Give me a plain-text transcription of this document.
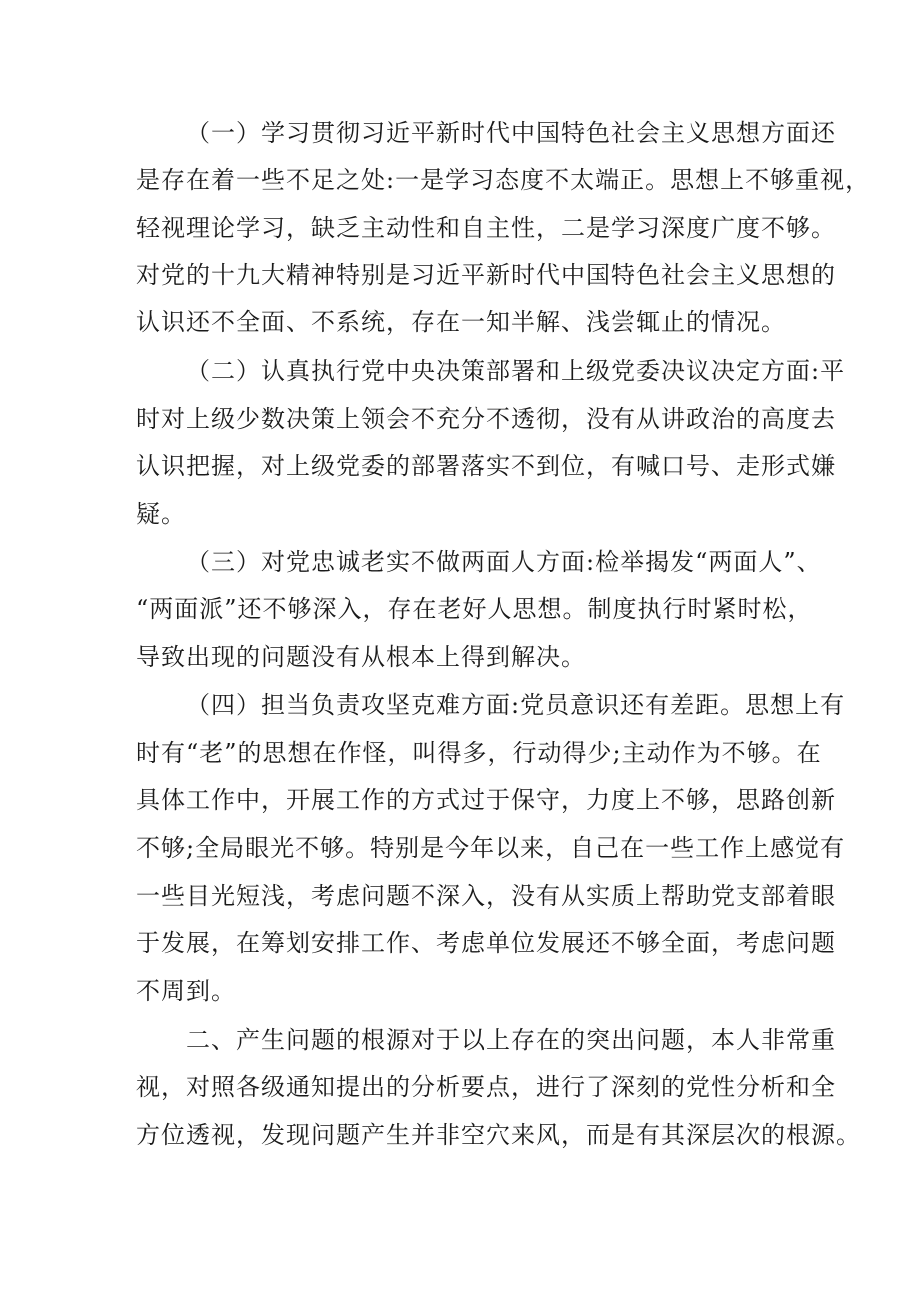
（一）学习贯彻习近平新时代中国特色社会主义思想方面还
是存在着一些不足之处:一是学习态度不太端正。思想上不够重视，
轻视理论学习，缺乏主动性和自主性，二是学习深度广度不够。
对党的十九大精神特别是习近平新时代中国特色社会主义思想的
认识还不全面、不系统，存在一知半解、浅尝辄止的情况。
（二）认真执行党中央决策部署和上级党委决议决定方面:平
时对上级少数决策上领会不充分不透彻，没有从讲政治的高度去
认识把握，对上级党委的部署落实不到位，有喊口号、走形式嫌
疑。
（三）对党忠诚老实不做两面人方面:检举揭发“两面人”、
“两面派”还不够深入，存在老好人思想。制度执行时紧时松，
导致出现的问题没有从根本上得到解决。
（四）担当负责攻坚克难方面:党员意识还有差距。思想上有
时有“老”的思想在作怪，叫得多，行动得少;主动作为不够。在
具体工作中，开展工作的方式过于保守，力度上不够，思路创新
不够;全局眼光不够。特别是今年以来，自己在一些工作上感觉有
一些目光短浅，考虑问题不深入，没有从实质上帮助党支部着眼
于发展，在筹划安排工作、考虑单位发展还不够全面，考虑问题
不周到。
二、产生问题的根源对于以上存在的突出问题，本人非常重
视，对照各级通知提出的分析要点，进行了深刻的党性分析和全
方位透视，发现问题产生并非空穴来风，而是有其深层次的根源。
